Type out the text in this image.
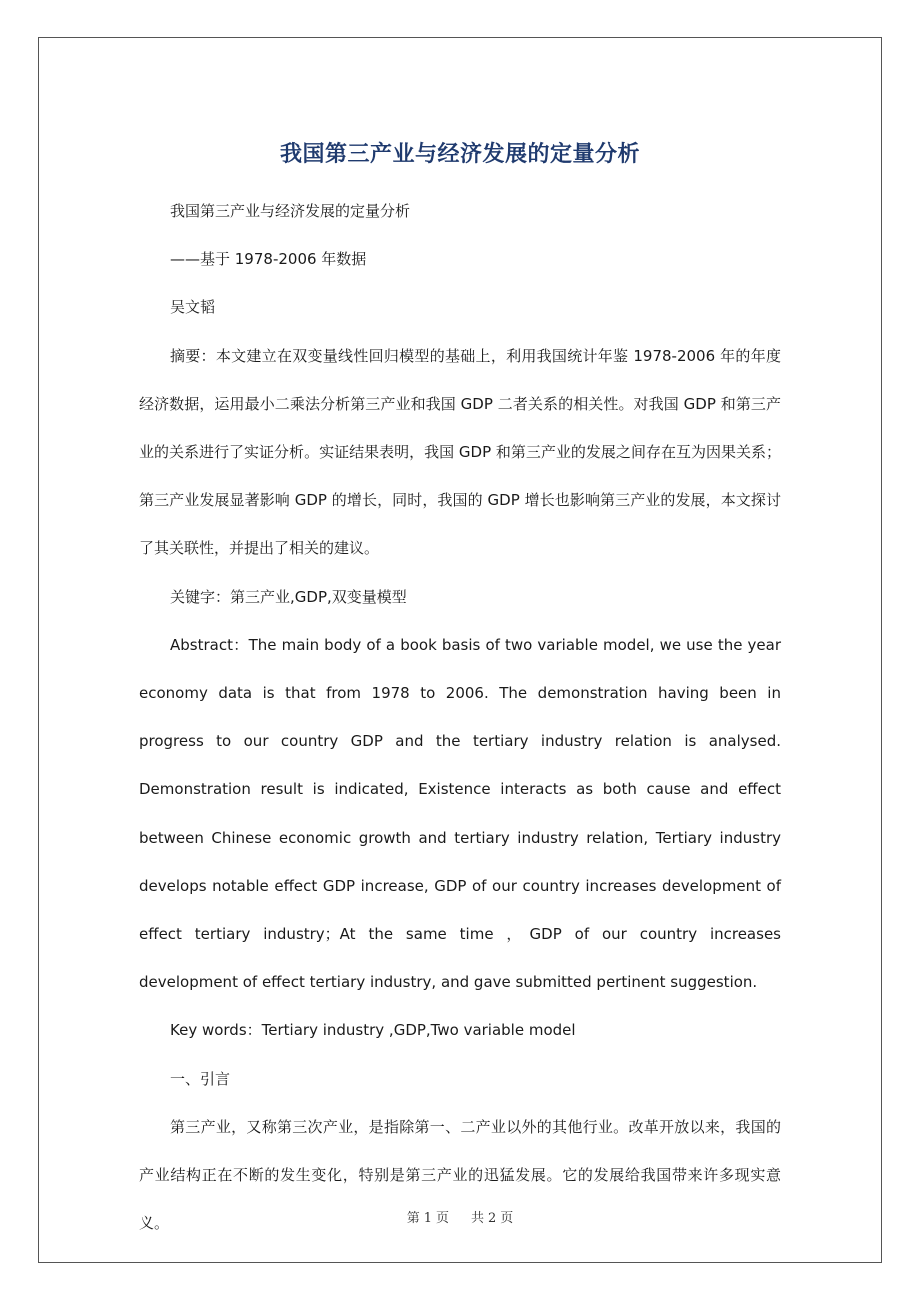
我国第三产业与经济发展的定量分析

我国第三产业与经济发展的定量分析

——基于 1978-2006 年数据

吴文韬

摘要：本文建立在双变量线性回归模型的基础上，利用我国统计年鉴 1978-2006 年的年度经济数据，运用最小二乘法分析第三产业和我国 GDP 二者关系的相关性。对我国 GDP 和第三产业的关系进行了实证分析。实证结果表明，我国 GDP 和第三产业的发展之间存在互为因果关系；第三产业发展显著影响 GDP 的增长，同时，我国的 GDP 增长也影响第三产业的发展，本文探讨了其关联性，并提出了相关的建议。

关键字：第三产业,GDP,双变量模型

Abstract：The main body of a book basis of two variable model, we use the year economy data is that from 1978 to 2006. The demonstration having been in progress to our country GDP and the tertiary industry relation is analysed. Demonstration result is indicated, Existence interacts as both cause and effect between Chinese economic growth and tertiary industry relation, Tertiary industry develops notable effect GDP increase, GDP of our country increases development of effect tertiary industry；At the same time ，GDP of our country increases development of effect tertiary industry, and gave submitted pertinent suggestion.

Key words：Tertiary industry ,GDP,Two variable model

一、引言

第三产业，又称第三次产业，是指除第一、二产业以外的其他行业。改革开放以来，我国的产业结构正在不断的发生变化，特别是第三产业的迅猛发展。它的发展给我国带来许多现实意义。	第 1 页 共 2 页
